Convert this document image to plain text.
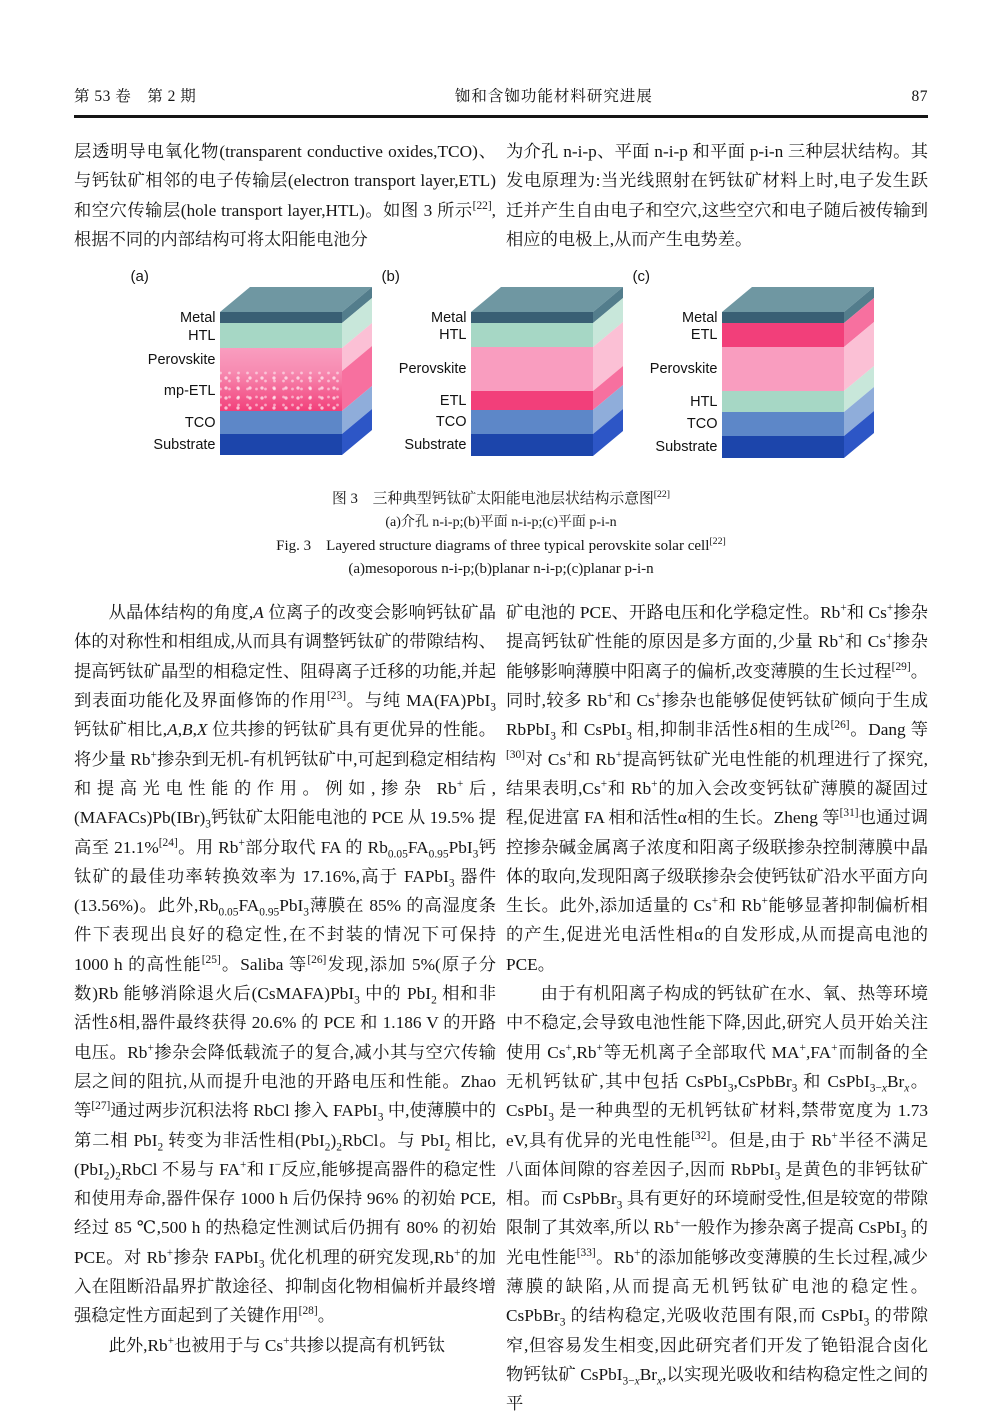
第 53 卷　第 2 期	铷和含铷功能材料研究进展	87

层透明导电氧化物(transparent conductive oxides,TCO)、与钙钛矿相邻的电子传输层(electron transport layer,ETL)和空穴传输层(hole transport layer,HTL)。如图 3 所示[22],根据不同的内部结构可将太阳能电池分

为介孔 n-i-p、平面 n-i-p 和平面 p-i-n 三种层状结构。其发电原理为:当光线照射在钙钛矿材料上时,电子发生跃迁并产生自由电子和空穴,这些空穴和电子随后被传输到相应的电极上,从而产生电势差。

(a)
Metal
HTL
Perovskite
mp-ETL
TCO
Substrate
(b)
Metal
HTL
Perovskite
ETL
TCO
Substrate
(c)
Metal
ETL
Perovskite
HTL
TCO
Substrate
图 3　三种典型钙钛矿太阳能电池层状结构示意图[22]
(a)介孔 n-i-p;(b)平面 n-i-p;(c)平面 p-i-n
Fig. 3　Layered structure diagrams of three typical perovskite solar cell[22]
(a)mesoporous n-i-p;(b)planar n-i-p;(c)planar p-i-n

从晶体结构的角度,A 位离子的改变会影响钙钛矿晶体的对称性和相组成,从而具有调整钙钛矿的带隙结构、提高钙钛矿晶型的相稳定性、阻碍离子迁移的功能,并起到表面功能化及界面修饰的作用[23]。与纯 MA(FA)PbI$_3$钙钛矿相比,A,B,X 位共掺的钙钛矿具有更优异的性能。将少量 Rb+掺杂到无机-有机钙钛矿中,可起到稳定相结构和提高光电性能的作用。例如,掺杂 Rb+后$,(MAFACs)Pb(IBr)_3$钙钛矿太阳能电池的 PCE 从 19.5% 提高至 21.1%[24]。用 Rb+部分取代 FA 的 $Rb_{0.05}FA_{0.95}PbI_3$钙钛矿的最佳功率转换效率为 17.16%,高于 FAPbI$_3$ 器件(13.56%)。此外$,Rb_{0.05}FA_{0.95}PbI_3$薄膜在 85% 的高湿度条件下表现出良好的稳定性,在不封装的情况下可保持 1000 h 的高性能[25]。Saliba 等[26]发现,添加 5%(原子分数)Rb 能够消除退火后(CsMAFA)PbI$_3$ 中的 PbI$_2$ 相和非活性δ相,器件最终获得 20.6% 的 PCE 和 1.186 V 的开路电压。Rb+掺杂会降低载流子的复合,减小其与空穴传输层之间的阻抗,从而提升电池的开路电压和性能。Zhao 等[27]通过两步沉积法将 RbCl 掺入 FAPbI$_3$ 中,使薄膜中的第二相 PbI$_2$ 转变为非活性相$(PbI_2)_2RbCl$。与 PbI$_2$ 相比$,(PbI_2)_2RbCl$ 不易与 FA+和 I−反应,能够提高器件的稳定性和使用寿命,器件保存 1000 h 后仍保持 96% 的初始 PCE,经过 85 ℃,500 h 的热稳定性测试后仍拥有 80% 的初始 PCE。对 Rb+掺杂 FAPbI$_3$ 优化机理的研究发现,Rb+的加入在阻断沿晶界扩散途径、抑制卤化物相偏析并最终增强稳定性方面起到了关键作用[28]。

此外,Rb+也被用于与 Cs+共掺以提高有机钙钛

矿电池的 PCE、开路电压和化学稳定性。Rb+和 Cs+掺杂提高钙钛矿性能的原因是多方面的,少量 Rb+和 Cs+掺杂能够影响薄膜中阳离子的偏析,改变薄膜的生长过程[29]。同时,较多 Rb+和 Cs+掺杂也能够促使钙钛矿倾向于生成 RbPbI$_3$ 和 CsPbI$_3$ 相,抑制非活性δ相的生成[26]。Dang 等[30]对 Cs+和 Rb+提高钙钛矿光电性能的机理进行了探究,结果表明,Cs+和 Rb+的加入会改变钙钛矿薄膜的凝固过程,促进富 FA 相和活性α相的生长。Zheng 等[31]也通过调控掺杂碱金属离子浓度和阳离子级联掺杂控制薄膜中晶体的取向,发现阳离子级联掺杂会使钙钛矿沿水平面方向生长。此外,添加适量的 Cs+和 Rb+能够显著抑制偏析相的产生,促进光电活性相α的自发形成,从而提高电池的 PCE。

由于有机阳离子构成的钙钛矿在水、氧、热等环境中不稳定,会导致电池性能下降,因此,研究人员开始关注使用 Cs+,Rb+等无机离子全部取代 MA+,FA+而制备的全无机钙钛矿,其中包括 CsPbI$_3$,CsPbBr$_3$ 和 $CsPbI_{3-x}Br_x$。CsPbI$_3$ 是一种典型的无机钙钛矿材料,禁带宽度为 1.73 eV,具有优异的光电性能[32]。但是,由于 Rb+半径不满足八面体间隙的容差因子,因而 RbPbI$_3$ 是黄色的非钙钛矿相。而 CsPbBr$_3$ 具有更好的环境耐受性,但是较宽的带隙限制了其效率,所以 Rb+一般作为掺杂离子提高 CsPbI$_3$ 的光电性能[33]。Rb+的添加能够改变薄膜的生长过程,减少薄膜的缺陷,从而提高无机钙钛矿电池的稳定性。CsPbBr$_3$ 的结构稳定,光吸收范围有限,而 CsPbI$_3$ 的带隙窄,但容易发生相变,因此研究者们开发了铯铅混合卤化物钙钛矿 $CsPbI_{3-x}Br_x$,以实现光吸收和结构稳定性之间的平
